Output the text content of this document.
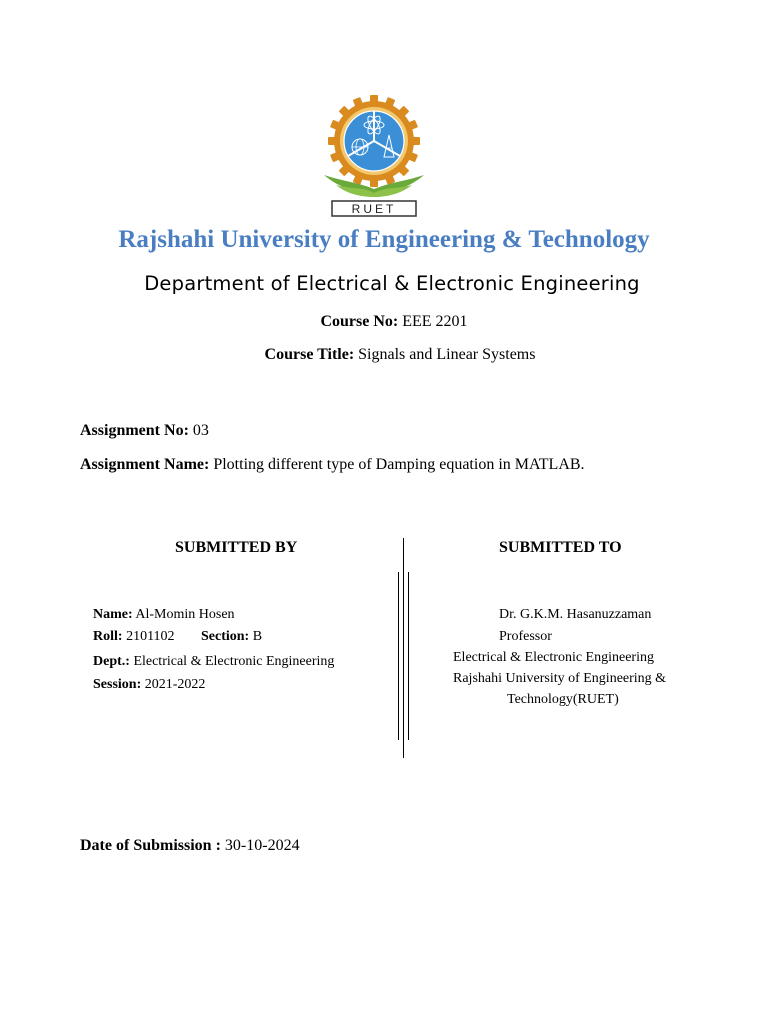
RUET
Rajshahi University of Engineering & Technology
Department of Electrical & Electronic Engineering
Course No: EEE 2201
Course Title: Signals and Linear Systems
Assignment No: 03
Assignment Name: Plotting different type of Damping equation in MATLAB.
SUBMITTED BY	SUBMITTED TO
Name: Al-Momin Hosen
Roll: 2101102 Section: B
Dept.: Electrical & Electronic Engineering
Session: 2021-2022
Dr. G.K.M. Hasanuzzaman
Professor
Electrical & Electronic Engineering
Rajshahi University of Engineering &
Technology(RUET)
Date of Submission : 30-10-2024
